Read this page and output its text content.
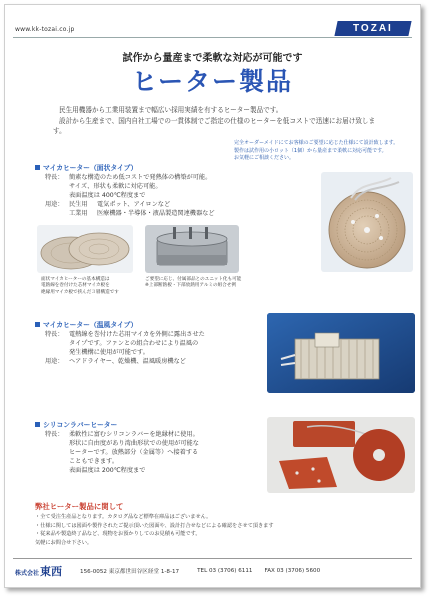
www.kk-tozai.co.jp	TOZAI
試作から量産まで柔軟な対応が可能です
ヒーター製品

民生用機器から工業用装置まで幅広い採用実績を有するヒーター製品です。

設計から生産まで、国内自社工場での一貫体制でご指定の仕様のヒーターを低コストで迅速にお届け致します。

完全オーダーメイドにてお客様のご要望に応じた仕様にて設計致します。
製作は試作用の小ロット（1個）から量産まで柔軟に対応可能です。
お気軽にご相談ください。
マイカヒーター（面状タイプ）
特長： 簡素な構造のため低コストで発熱体の構築が可能。
サイズ、形状も柔軟に対応可能。
表面温度は 400℃程度まで
用途： 民生用	電気ポット、アイロンなど
工業用	医療機器・半導体・液晶製造関連機器など
面状マイカヒーターの基本構造は
電熱線を巻付けた芯材マイカ板を
絶縁用マイカ板で挟んだ３層構造です
ご要望に応じ、付属部品とのユニット化も可能
※上部断熱板・下部放熱用アルミの組合せ例
マイカヒーター（温風タイプ）
特長： 電熱線を巻付けた芯用マイカを外側に露出させた
タイプです。ファンとの組合わせにより温風の
発生機構に使用が可能です。
用途： ヘアドライヤー、乾燥機、温風暖房機など
シリコンラバーヒーター
特長： 柔軟性に富むシリコンラバーを絶縁材に使用。
形状に自由度があり湾曲形状での使用が可能な
ヒーターです。放熱部分（金属等）へ接着する
こともできます。
表面温度は 200℃程度まで
弊社ヒーター製品に関して
・全て受注生産品となります。カタログ品など標準在庫品はございません。
・仕様に関しては図面や製作されたご提示頂いた図面や、設計打合せなどによる確認をさせて頂きます
・従来品や製造終了品など、現物をお預かりしてのお見積も可能です。
気軽にお問合せ下さい。
株式会社 東西	156-0052 東京都世田谷区経堂 1-8-17	TEL 03 (3706) 6111 FAX 03 (3706) 5600
